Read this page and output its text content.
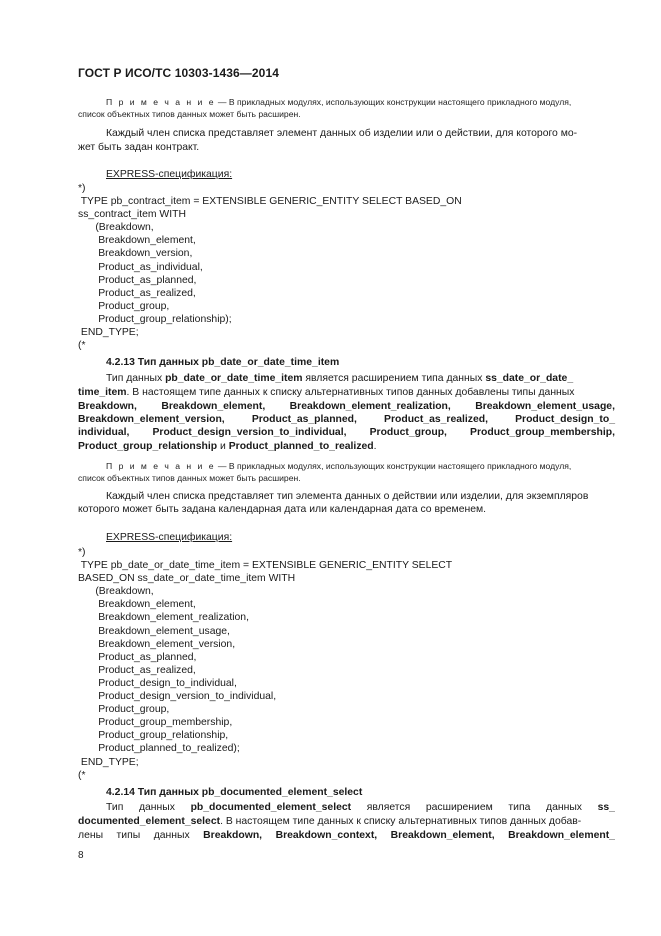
ГОСТ Р ИСО/ТС 10303-1436—2014
П р и м е ч а н и е — В прикладных модулях, использующих конструкции настоящего прикладного модуля,
список объектных типов данных может быть расширен.
Каждый член списка представляет элемент данных об изделии или о действии, для которого мо-
жет быть задан контракт.
EXPRESS-спецификация:
*)
TYPE pb_contract_item = EXTENSIBLE GENERIC_ENTITY SELECT BASED_ON
ss_contract_item WITH
(Breakdown,
Breakdown_element,
Breakdown_version,
Product_as_individual,
Product_as_planned,
Product_as_realized,
Product_group,
Product_group_relationship);
END_TYPE;
(*
4.2.13 Тип данных pb_date_or_date_time_item
Тип данных pb_date_or_date_time_item является расширением типа данных ss_date_or_date_
time_item. В настоящем типе данных к списку альтернативных типов данных добавлены типы данных
Breakdown, Breakdown_element, Breakdown_element_realization, Breakdown_element_usage,
Breakdown_element_version,	Product_as_planned,	Product_as_realized,	Product_design_to_
individual, Product_design_version_to_individual, Product_group, Product_group_membership,
Product_group_relationship и Product_planned_to_realized.
П р и м е ч а н и е — В прикладных модулях, использующих конструкции настоящего прикладного модуля,
список объектных типов данных может быть расширен.
Каждый член списка представляет тип элемента данных о действии или изделии, для экземпляров
которого может быть задана календарная дата или календарная дата со временем.
EXPRESS-спецификация:
*)
TYPE pb_date_or_date_time_item = EXTENSIBLE GENERIC_ENTITY SELECT
BASED_ON ss_date_or_date_time_item WITH
(Breakdown,
Breakdown_element,
Breakdown_element_realization,
Breakdown_element_usage,
Breakdown_element_version,
Product_as_planned,
Product_as_realized,
Product_design_to_individual,
Product_design_version_to_individual,
Product_group,
Product_group_membership,
Product_group_relationship,
Product_planned_to_realized);
END_TYPE;
(*
4.2.14 Тип данных pb_documented_element_select
Тип данных pb_documented_element_select является расширением типа данных ss_
documented_element_select. В настоящем типе данных к списку альтернативных типов данных добав-
лены типы данных Breakdown, Breakdown_context, Breakdown_element, Breakdown_element_
8
